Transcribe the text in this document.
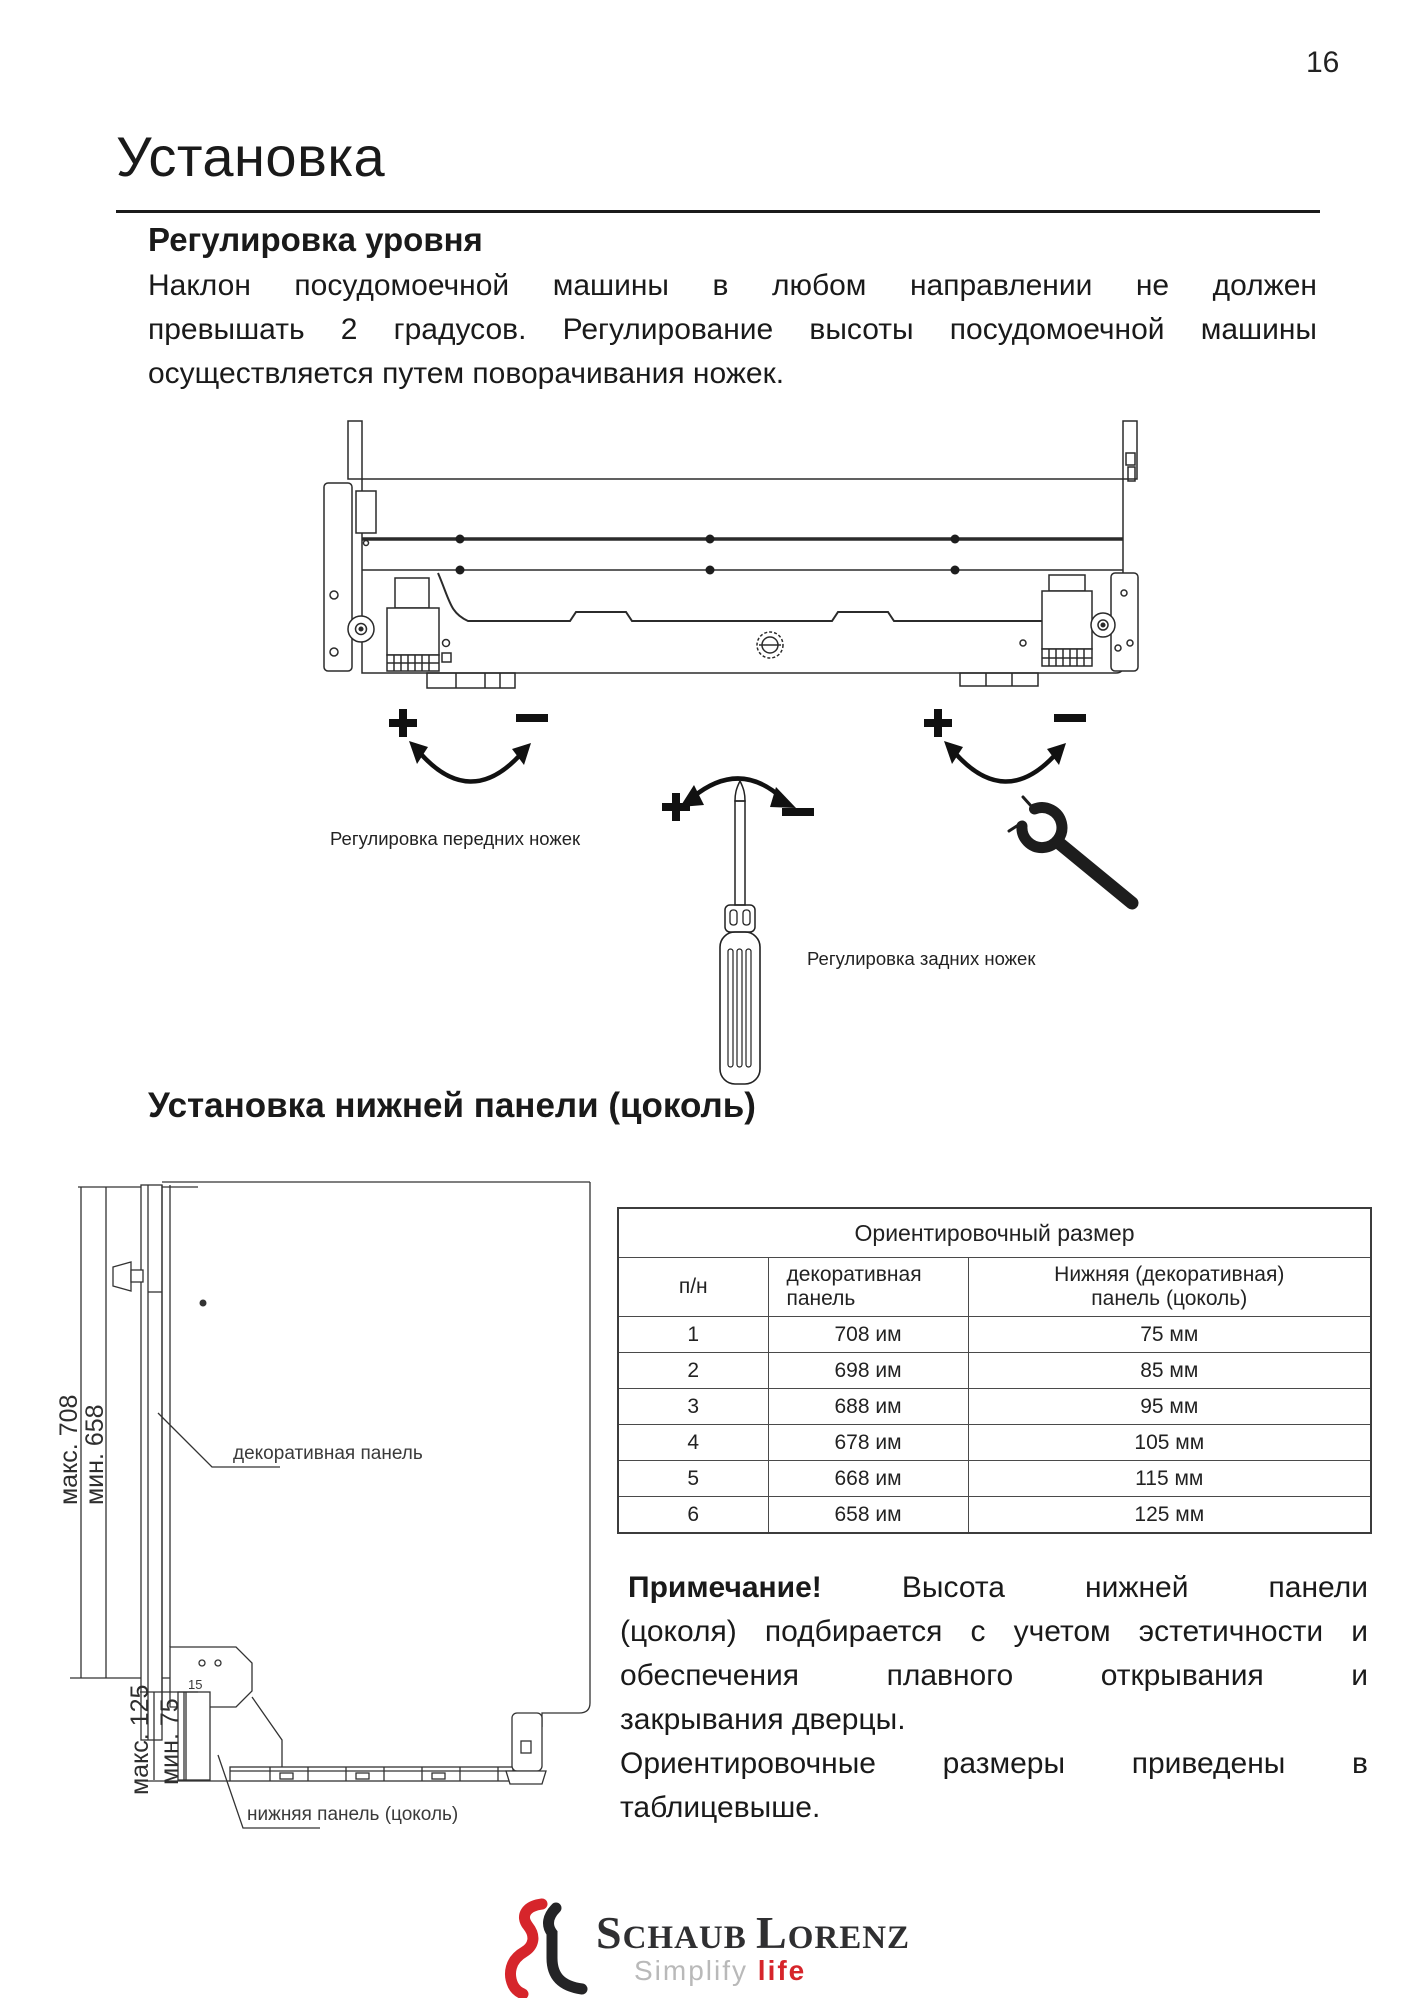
16
Установка
Регулировка уровня
Наклон посудомоечной машины в любом направлении не должен
превышать 2 градусов. Регулирование высоты посудомоечной машины
осуществляется путем поворачивания ножек.
Регулировка передних ножек
Регулировка задних ножек
Установка нижней панели (цоколь)
макс. 708
мин. 658
макс. 125 мин. 75
15
декоративная панель
нижняя панель (цоколь)
Ориентировочный размер		
п/н	декоративная панель	Нижняя (декоративная) панель (цоколь)
1	708 им	75 мм
2	698 им	85 мм
3	688 им	95 мм
4	678 им	105 мм
5	668 им	115 мм
6	658 им	125 мм
Примечание!	Высота нижней панели
(цоколя) подбирается с учетом эстетичности и
обеспечения плавного открывания и
закрывания дверцы.
Ориентировочные размеры приведены в
таблицевыше.
SCHAUB LORENZ
Simplify life
